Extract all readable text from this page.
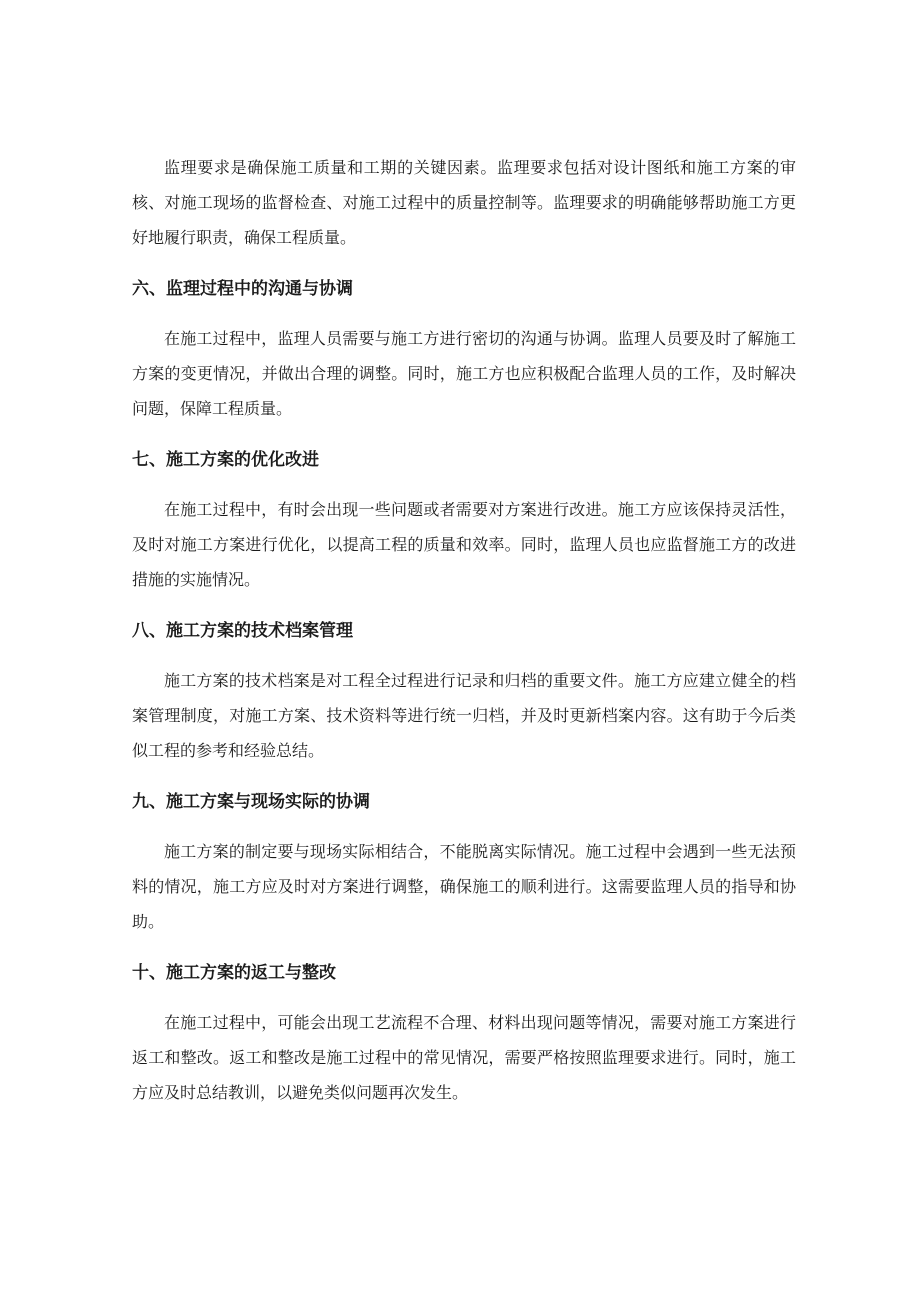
监理要求是确保施工质量和工期的关键因素。监理要求包括对设计图纸和施工方案的审核、对施工现场的监督检查、对施工过程中的质量控制等。监理要求的明确能够帮助施工方更好地履行职责，确保工程质量。

六、监理过程中的沟通与协调

在施工过程中，监理人员需要与施工方进行密切的沟通与协调。监理人员要及时了解施工方案的变更情况，并做出合理的调整。同时，施工方也应积极配合监理人员的工作，及时解决问题，保障工程质量。

七、施工方案的优化改进

在施工过程中，有时会出现一些问题或者需要对方案进行改进。施工方应该保持灵活性，及时对施工方案进行优化，以提高工程的质量和效率。同时，监理人员也应监督施工方的改进措施的实施情况。

八、施工方案的技术档案管理

施工方案的技术档案是对工程全过程进行记录和归档的重要文件。施工方应建立健全的档案管理制度，对施工方案、技术资料等进行统一归档，并及时更新档案内容。这有助于今后类似工程的参考和经验总结。

九、施工方案与现场实际的协调

施工方案的制定要与现场实际相结合，不能脱离实际情况。施工过程中会遇到一些无法预料的情况，施工方应及时对方案进行调整，确保施工的顺利进行。这需要监理人员的指导和协助。

十、施工方案的返工与整改

在施工过程中，可能会出现工艺流程不合理、材料出现问题等情况，需要对施工方案进行返工和整改。返工和整改是施工过程中的常见情况，需要严格按照监理要求进行。同时，施工方应及时总结教训，以避免类似问题再次发生。
